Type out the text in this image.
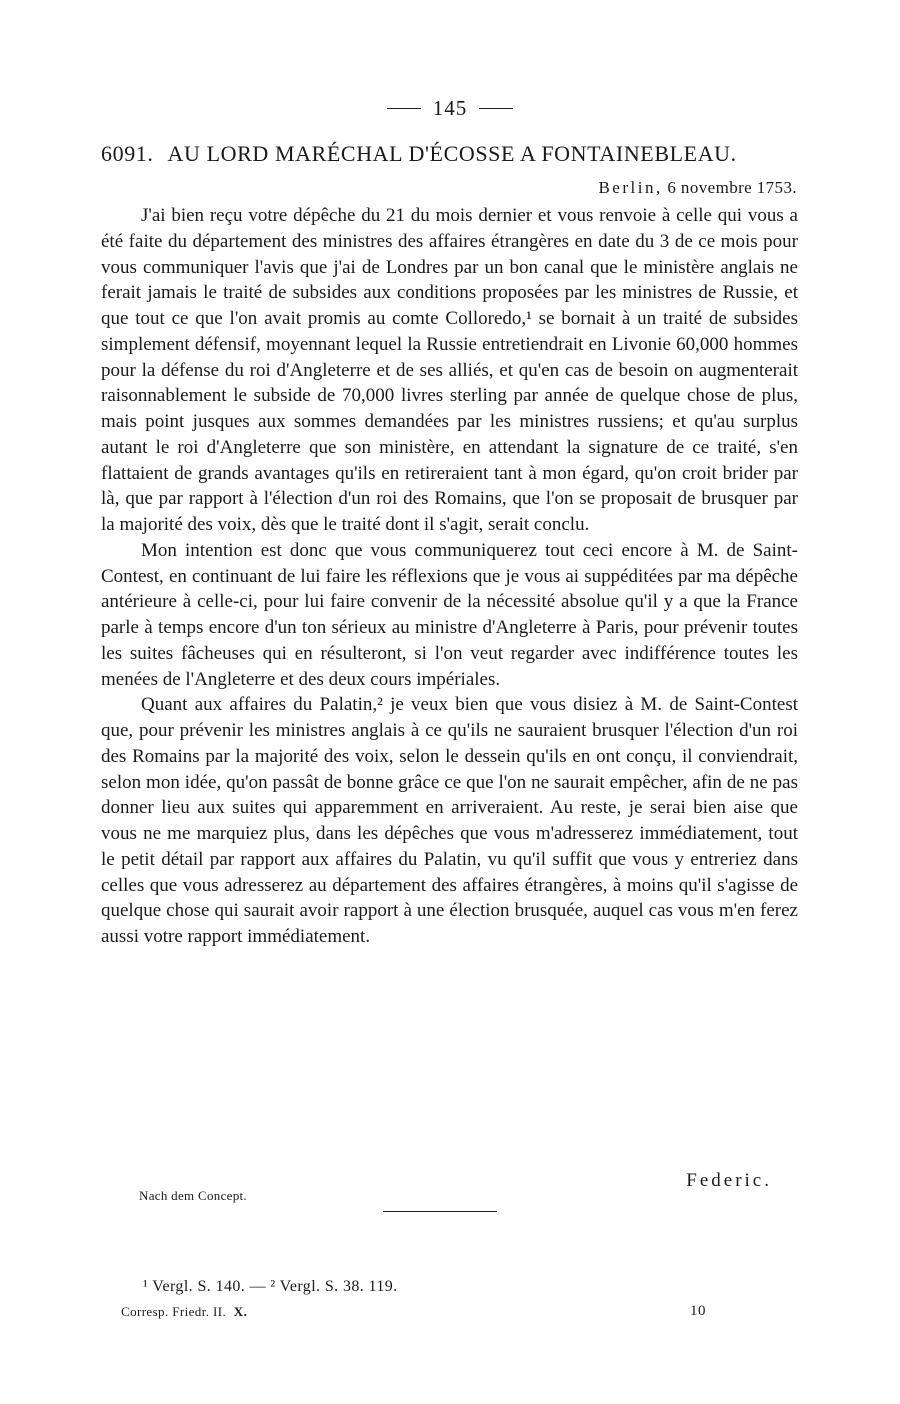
145
6091. AU LORD MARÉCHAL D'ÉCOSSE A FONTAINEBLEAU.
Berlin, 6 novembre 1753.

J'ai bien reçu votre dépêche du 21 du mois dernier et vous renvoie à celle qui vous a été faite du département des ministres des affaires étrangères en date du 3 de ce mois pour vous communiquer l'avis que j'ai de Londres par un bon canal que le ministère anglais ne ferait jamais le traité de subsides aux conditions proposées par les ministres de Russie, et que tout ce que l'on avait promis au comte Colloredo,¹ se bornait à un traité de subsides simplement défensif, moyennant lequel la Russie entretiendrait en Livonie 60,000 hommes pour la défense du roi d'Angleterre et de ses alliés, et qu'en cas de besoin on augmenterait raisonnablement le subside de 70,000 livres sterling par année de quelque chose de plus, mais point jusques aux sommes demandées par les ministres russiens; et qu'au surplus autant le roi d'Angleterre que son ministère, en attendant la signature de ce traité, s'en flattaient de grands avantages qu'ils en retireraient tant à mon égard, qu'on croit brider par là, que par rapport à l'élection d'un roi des Romains, que l'on se proposait de brusquer par la majorité des voix, dès que le traité dont il s'agit, serait conclu.

Mon intention est donc que vous communiquerez tout ceci encore à M. de Saint-Contest, en continuant de lui faire les réflexions que je vous ai suppéditées par ma dépêche antérieure à celle-ci, pour lui faire convenir de la nécessité absolue qu'il y a que la France parle à temps encore d'un ton sérieux au ministre d'Angleterre à Paris, pour prévenir toutes les suites fâcheuses qui en résulteront, si l'on veut regarder avec indifférence toutes les menées de l'Angleterre et des deux cours impériales.

Quant aux affaires du Palatin,² je veux bien que vous disiez à M. de Saint-Contest que, pour prévenir les ministres anglais à ce qu'ils ne sauraient brusquer l'élection d'un roi des Romains par la majorité des voix, selon le dessein qu'ils en ont conçu, il conviendrait, selon mon idée, qu'on passât de bonne grâce ce que l'on ne saurait empêcher, afin de ne pas donner lieu aux suites qui apparemment en arriveraient. Au reste, je serai bien aise que vous ne me marquiez plus, dans les dépêches que vous m'adresserez immédiatement, tout le petit détail par rapport aux affaires du Palatin, vu qu'il suffit que vous y entreriez dans celles que vous adresserez au département des affaires étrangères, à moins qu'il s'agisse de quelque chose qui saurait avoir rapport à une élection brusquée, auquel cas vous m'en ferez aussi votre rapport immédiatement.

Federic.
Nach dem Concept.
¹ Vergl. S. 140. — ² Vergl. S. 38. 119.
Corresp. Friedr. II. X.	10
